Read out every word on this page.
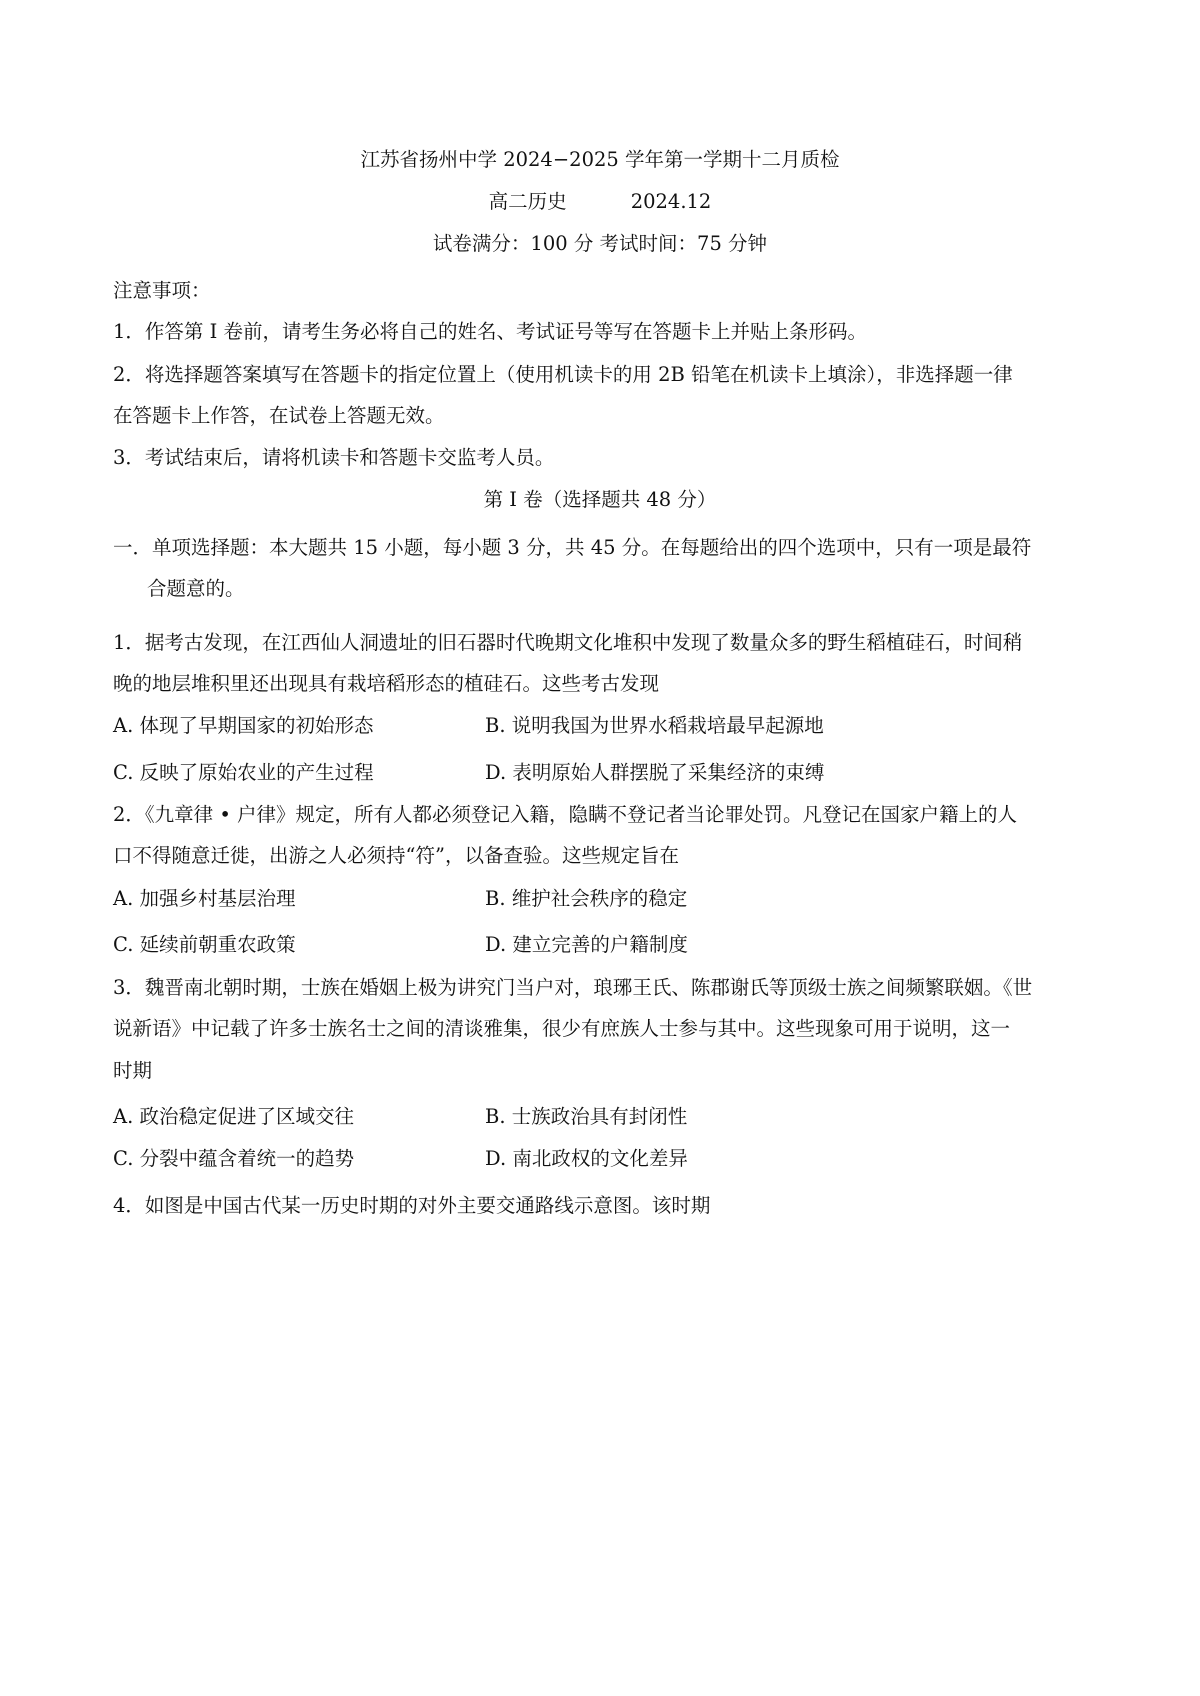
江苏省扬州中学 2024−2025 学年第一学期十二月质检
高二历史	2024.12
试卷满分：100 分 考试时间：75 分钟
注意事项：
1．作答第 I 卷前，请考生务必将自己的姓名、考试证号等写在答题卡上并贴上条形码。
2．将选择题答案填写在答题卡的指定位置上（使用机读卡的用 2B 铅笔在机读卡上填涂），非选择题一律
在答题卡上作答，在试卷上答题无效。
3．考试结束后，请将机读卡和答题卡交监考人员。
第 I 卷（选择题共 48 分）
一．单项选择题：本大题共 15 小题，每小题 3 分，共 45 分。在每题给出的四个选项中，只有一项是最符
合题意的。
1．据考古发现，在江西仙人洞遗址的旧石器时代晚期文化堆积中发现了数量众多的野生稻植硅石，时间稍
晚的地层堆积里还出现具有栽培稻形态的植硅石。这些考古发现
A. 体现了早期国家的初始形态	B. 说明我国为世界水稻栽培最早起源地
C. 反映了原始农业的产生过程	D. 表明原始人群摆脱了采集经济的束缚
2．《九章律 • 户律》规定，所有人都必须登记入籍，隐瞒不登记者当论罪处罚。凡登记在国家户籍上的人
口不得随意迁徙，出游之人必须持“符”，以备查验。这些规定旨在
A. 加强乡村基层治理	B. 维护社会秩序的稳定
C. 延续前朝重农政策	D. 建立完善的户籍制度
3．魏晋南北朝时期，士族在婚姻上极为讲究门当户对，琅琊王氏、陈郡谢氏等顶级士族之间频繁联姻。《世
说新语》中记载了许多士族名士之间的清谈雅集，很少有庶族人士参与其中。这些现象可用于说明，这一
时期
A. 政治稳定促进了区域交往	B. 士族政治具有封闭性
C. 分裂中蕴含着统一的趋势	D. 南北政权的文化差异
4．如图是中国古代某一历史时期的对外主要交通路线示意图。该时期
